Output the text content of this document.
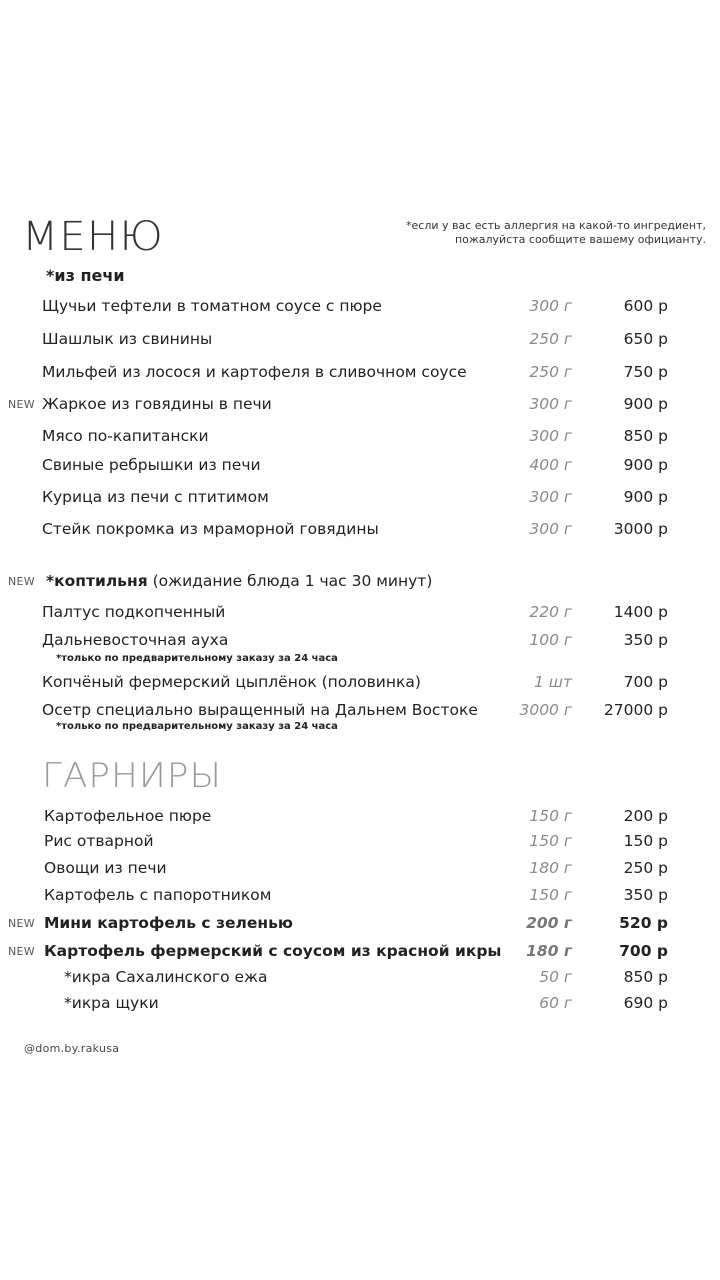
МЕНЮ	*если у вас есть аллергия на какой-то ингредиент,
пожалуйста сообщите вашему официанту.
*из печи
Щучьи тефтели в томатном соусе с пюре	300 г	600 р
Шашлык из свинины	250 г	650 р
Мильфей из лосося и картофеля в сливочном соусе	250 г	750 р
NEW Жаркое из говядины в печи	300 г	900 р
Мясо по-капитански	300 г	850 р
Свиные ребрышки из печи	400 г	900 р
Курица из печи с птитимом	300 г	900 р
Стейк покромка из мраморной говядины	300 г	3000 р
NEW *коптильня (ожидание блюда 1 час 30 минут)
Палтус подкопченный	220 г	1400 р
Дальневосточная ауха	100 г	350 р
*только по предварительному заказу за 24 часа
Копчёный фермерский цыплёнок (половинка)	1 шт	700 р
Осетр специально выращенный на Дальнем Востоке	3000 г 27000 р
*только по предварительному заказу за 24 часа
ГАРНИРЫ
Картофельное пюре	150 г	200 р
Рис отварной	150 г	150 р
Овощи из печи	180 г	250 р
Картофель с папоротником	150 г	350 р
NEW Мини картофель с зеленью	200 г	520 р
NEW Картофель фермерский с соусом из красной икры 180 г	700 р
*икра Сахалинского ежа	50 г	850 р
*икра щуки	60 г	690 р
@dom.by.rakusa
